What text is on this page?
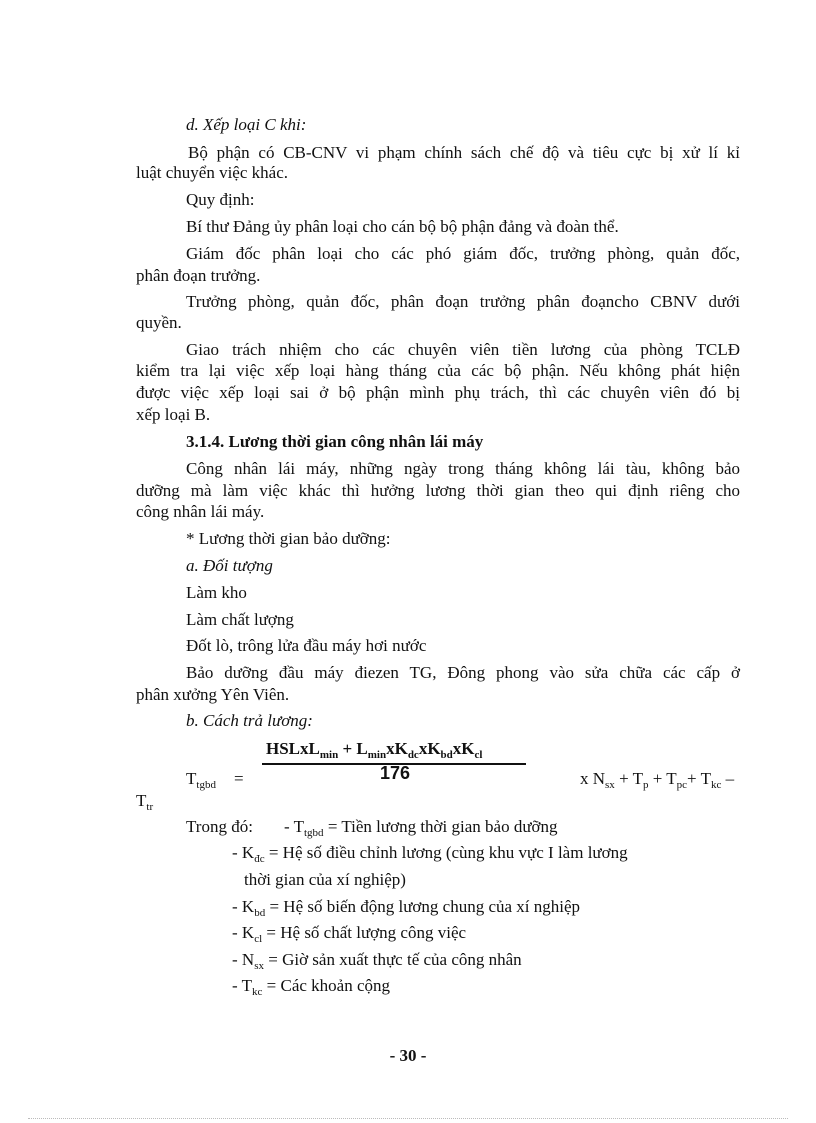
d. Xếp loại C khi:
Bộ phận có CB-CNV vi phạm chính sách chế độ và tiêu cực bị xử lí kỉ
luật chuyển việc khác.
Quy định:
Bí thư Đảng ủy phân loại cho cán bộ bộ phận đảng và đoàn thể.
Giám đốc phân loại cho các phó giám đốc, trưởng phòng, quản đốc,
phân đoạn trưởng.
Trưởng phòng, quản đốc, phân đoạn trưởng phân đoạncho CBNV dưới
quyền.
Giao trách nhiệm cho các chuyên viên tiền lương của phòng TCLĐ
kiểm tra lại việc xếp loại hàng tháng của các bộ phận. Nếu không phát hiện
được việc xếp loại sai ở bộ phận mình phụ trách, thì các chuyên viên đó bị
xếp loại B.
3.1.4. Lương thời gian công nhân lái máy
Công nhân lái máy, những ngày trong tháng không lái tàu, không bảo
dưỡng mà làm việc khác thì hưởng lương thời gian theo qui định riêng cho
công nhân lái máy.
* Lương thời gian bảo dưỡng:
a. Đối tượng
Làm kho
Làm chất lượng
Đốt lò, trông lửa đầu máy hơi nước
Bảo dưỡng đầu máy điezen TG, Đông phong vào sửa chữa các cấp ở
phân xưởng Yên Viên.
b. Cách trả lương:
HSLxL$_{min}$ + $L_{min}xK_{dc}xK_{bd}xK_{cl}$
176
$T_{tgbd}$ =	x $N_{sx} + T_p + T_{pc}+ T_{kc}$ –
$T_{tr}$
Trong đó: - $T_{tgbd}$ = Tiền lương thời gian bảo dưỡng
- $K_{đc}$ = Hệ số điều chỉnh lương (cùng khu vực I làm lương
thời gian của xí nghiệp)
- $K_{bd}$ = Hệ số biến động lương chung của xí nghiệp
- $K_{cl}$ = Hệ số chất lượng công việc
- $N_{sx}$ = Giờ sản xuất thực tế của công nhân
- $T_{kc}$ = Các khoản cộng
- 30 -
